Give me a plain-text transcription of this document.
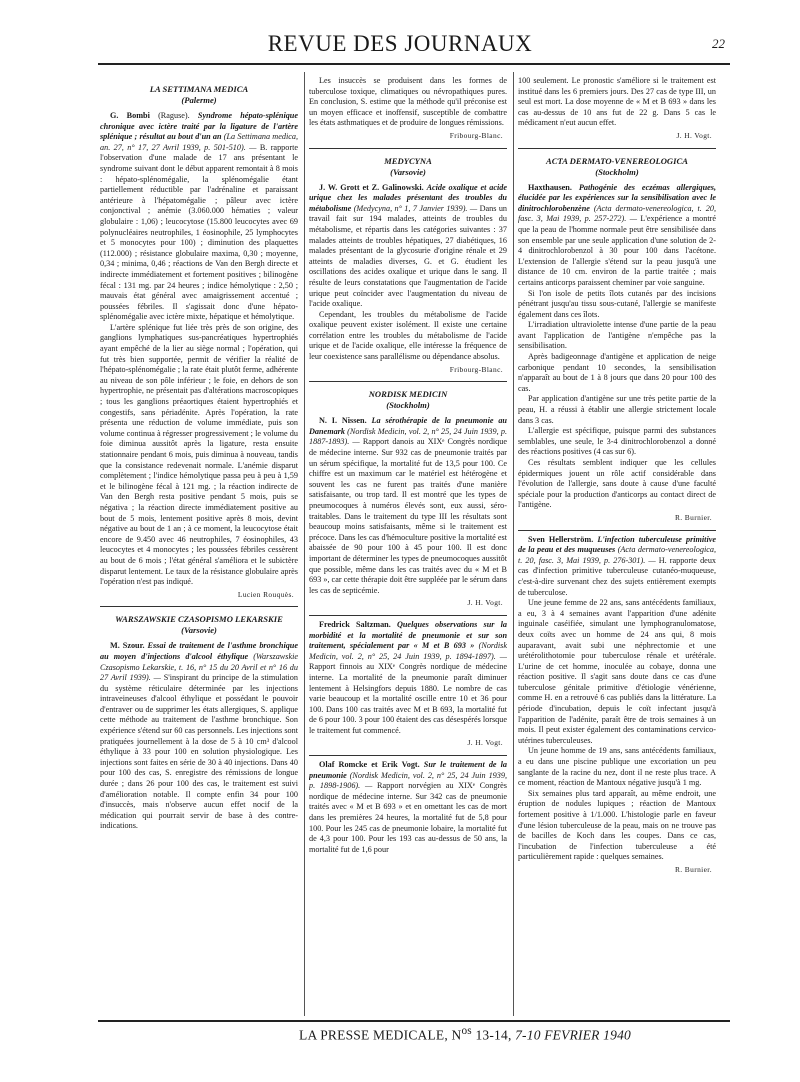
REVUE DES JOURNAUX	22
LA SETTIMANA MEDICA
(Palerme)

G. Bombi (Raguse). Syndrome hépato-splénique chronique avec ictère traité par la ligature de l'artère splénique ; résultat au bout d'un an (La Settimana medica, an. 27, n° 17, 27 Avril 1939, p. 501-510). — B. rapporte l'observation d'une malade de 17 ans présentant le syndrome suivant dont le début apparent remontait à 8 mois : hépato-splénomégalie, la splénomégalie étant partiellement réductible par l'adrénaline et paraissant antérieure à l'hépatomégalie ; pâleur avec ictère conjonctival ; anémie (3.060.000 hématies ; valeur globulaire : 1,06) ; leucocytose (15.800 leucocytes avec 69 polynucléaires neutrophiles, 1 éosinophile, 25 lymphocytes et 5 monocytes pour 100) ; diminution des plaquettes (112.000) ; résistance globulaire maxima, 0,30 ; moyenne, 0,34 ; minima, 0,46 ; réactions de Van den Bergh directe et indirecte immédiatement et fortement positives ; bilinogène fécal : 131 mg. par 24 heures ; indice hémolytique : 2,50 ; mauvais état général avec amaigrissement accentué ; poussées fébriles. Il s'agissait donc d'une hépato-splénomégalie avec ictère mixte, hépatique et hémolytique.

L'artère splénique fut liée très près de son origine, des ganglions lymphatiques sus-pancréatiques hypertrophiés ayant empêché de la lier au siège normal ; l'opération, qui fut très bien supportée, permit de vérifier la réalité de l'hépato-splénomégalie ; la rate était plutôt ferme, adhérente au niveau de son pôle inférieur ; le foie, en dehors de son hypertrophie, ne présentait pas d'altérations macroscopiques ; tous les ganglions préaortiques étaient hypertrophiés et congestifs, sans périadénite. Après l'opération, la rate présenta une réduction de volume immédiate, puis son volume continua à régresser progressivement ; le volume du foie diminua aussitôt après la ligature, resta ensuite stationnaire pendant 6 mois, puis diminua à nouveau, tandis que la consistance redevenait normale. L'anémie disparut complètement ; l'indice hémolytique passa peu à peu à 1,59 et le bilinogène fécal à 121 mg. ; la réaction indirecte de Van den Bergh resta positive pendant 5 mois, puis se négativa ; la réaction directe immédiatement positive au bout de 5 mois, lentement positive après 8 mois, devint négative au bout de 1 an ; à ce moment, la leucocytose était encore de 9.450 avec 46 neutrophiles, 7 éosinophiles, 43 leucocytes et 4 monocytes ; les poussées fébriles cessèrent au bout de 6 mois ; l'état général s'améliora et le subictère disparut lentement. Le taux de la résistance globulaire après l'opération n'est pas indiqué.

Lucien Rouquès.
WARSZAWSKIE CZASOPISMO LEKARSKIE
(Varsovie)

M. Szour. Essai de traitement de l'asthme bronchique au moyen d'injections d'alcool éthylique (Warszawskie Czasopismo Lekarskie, t. 16, n° 15 du 20 Avril et n° 16 du 27 Avril 1939). — S'inspirant du principe de la stimulation du système réticulaire déterminée par les injections intraveineuses d'alcool éthylique et possédant le pouvoir d'entraver ou de supprimer les états allergiques, S. applique cette méthode au traitement de l'asthme bronchique. Son expérience s'étend sur 60 cas personnels. Les injections sont pratiquées journellement à la dose de 5 à 10 cm³ d'alcool éthylique à 33 pour 100 en solution physiologique. Les injections sont faites en série de 30 à 40 injections. Dans 40 pour 100 des cas, S. enregistre des rémissions de longue durée ; dans 26 pour 100 des cas, le traitement est suivi d'amélioration notable. Il compte enfin 34 pour 100 d'insuccès, mais n'observe aucun effet nocif de la médication qui pourrait servir de base à des contre-indications.

Les insuccès se produisent dans les formes de tuberculose toxique, climatiques ou névropathiques pures. En conclusion, S. estime que la méthode qu'il préconise est un moyen efficace et inoffensif, susceptible de combattre les états asthmatiques et de produire de longues rémissions.

Fribourg-Blanc.
MEDYCYNA
(Varsovie)

J. W. Grott et Z. Galinowski. Acide oxalique et acide urique chez les malades présentant des troubles du métabolisme (Medycyna, n° 1, 7 Janvier 1939). — Dans un travail fait sur 194 malades, atteints de troubles du métabolisme, et répartis dans les catégories suivantes : 37 malades atteints de troubles hépatiques, 27 diabétiques, 16 malades présentant de la glycosurie d'origine rénale et 29 atteints de maladies diverses, G. et G. étudient les oscillations des acides oxalique et urique dans le sang. Il résulte de leurs constatations que l'augmentation de l'acide urique peut coïncider avec l'augmentation du niveau de l'acide oxalique.

Cependant, les troubles du métabolisme de l'acide oxalique peuvent exister isolément. Il existe une certaine corrélation entre les troubles du métabolisme de l'acide urique et de l'acide oxalique, elle intéresse la fréquence de leur coexistence sans parallélisme ou dépendance absolus.

Fribourg-Blanc.
NORDISK MEDICIN
(Stockholm)

N. I. Nissen. La sérothérapie de la pneumonie au Danemark (Nordisk Medicin, vol. 2, n° 25, 24 Juin 1939, p. 1887-1893). — Rapport danois au XIXᵉ Congrès nordique de médecine interne. Sur 932 cas de pneumonie traités par un sérum spécifique, la mortalité fut de 13,5 pour 100. Ce chiffre est un maximum car le matériel est hétérogène et souvent les cas ne furent pas traités d'une manière satisfaisante, ou trop tard. Il est montré que les types de pneumocoques à numéros élevés sont, eux aussi, séro-traitables. Dans le traitement du type III les résultats sont beaucoup moins satisfaisants, même si le traitement est précoce. Dans les cas d'hémoculture positive la mortalité est abaissée de 90 pour 100 à 45 pour 100. Il est donc important de déterminer les types de pneumocoques aussitôt que possible, même dans les cas traités avec du « M et B 693 », car cette thérapie doit être suppléée par le sérum dans les cas de septicémie.

J. H. Vogt.

Fredrick Saltzman. Quelques observations sur la morbidité et la mortalité de pneumonie et sur son traitement, spécialement par « M et B 693 » (Nordisk Medicin, vol. 2, n° 25, 24 Juin 1939, p. 1894-1897). — Rapport finnois au XIXᵉ Congrès nordique de médecine interne. La mortalité de la pneumonie paraît diminuer lentement à Helsingfors depuis 1880. Le nombre de cas varie beaucoup et la mortalité oscille entre 10 et 36 pour 100. Dans 100 cas traités avec M et B 693, la mortalité fut de 6 pour 100. 3 pour 100 étaient des cas désespérés lorsque le traitement fut commencé.

J. H. Vogt.

Olaf Romcke et Erik Vogt. Sur le traitement de la pneumonie (Nordisk Medicin, vol. 2, n° 25, 24 Juin 1939, p. 1898-1906). — Rapport norvégien au XIXᵉ Congrès nordique de médecine interne. Sur 342 cas de pneumonie traités avec « M et B 693 » et en omettant les cas de mort dans les premières 24 heures, la mortalité fut de 5,8 pour 100. Pour les 245 cas de pneumonie lobaire, la mortalité fut de 4,3 pour 100. Pour les 193 cas au-dessus de 50 ans, la mortalité fut de 1,6 pour

100 seulement. Le pronostic s'améliore si le traitement est institué dans les 6 premiers jours. Des 27 cas de type III, un seul est mort. La dose moyenne de « M et B 693 » dans les cas au-dessus de 10 ans fut de 22 g. Dans 5 cas le médicament n'eut aucun effet.

J. H. Vogt.
ACTA DERMATO-VENEREOLOGICA
(Stockholm)

Haxthausen. Pathogénie des eczémas allergiques, élucidée par les expériences sur la sensibilisation avec le dinitrochlorobenzène (Acta dermato-venereologica, t. 20, fasc. 3, Mai 1939, p. 257-272). — L'expérience a montré que la peau de l'homme normale peut être sensibilisée dans son ensemble par une seule application d'une solution de 2-4 dinitrochlorobenzol à 30 pour 100 dans l'acétone. L'extension de l'allergie s'étend sur la peau jusqu'à une distance de 10 cm. environ de la partie traitée ; mais certains anticorps paraissent cheminer par voie sanguine.

Si l'on isole de petits îlots cutanés par des incisions pénétrant jusqu'au tissu sous-cutané, l'allergie se manifeste également dans ces îlots.

L'irradiation ultraviolette intense d'une partie de la peau avant l'application de l'antigène n'empêche pas la sensibilisation.

Après badigeonnage d'antigène et application de neige carbonique pendant 10 secondes, la sensibilisation n'apparaît au bout de 1 à 8 jours que dans 20 pour 100 des cas.

Par application d'antigène sur une très petite partie de la peau, H. a réussi à établir une allergie strictement locale dans 3 cas.

L'allergie est spécifique, puisque parmi des substances semblables, une seule, le 3-4 dinitrochlorobenzol a donné des réactions positives (4 cas sur 6).

Ces résultats semblent indiquer que les cellules épidermiques jouent un rôle actif considérable dans l'évolution de l'allergie, sans doute à cause d'une faculté spéciale pour la production d'anticorps au contact direct de l'antigène.

R. Burnier.

Sven Hellerström. L'infection tuberculeuse primitive de la peau et des muqueuses (Acta dermato-venereologica, t. 20, fasc. 3, Mai 1939, p. 276-301). — H. rapporte deux cas d'infection primitive tuberculeuse cutanéo-muqueuse, c'est-à-dire survenant chez des sujets entièrement exempts de tuberculose.

Une jeune femme de 22 ans, sans antécédents familiaux, a eu, 3 à 4 semaines avant l'apparition d'une adénite inguinale caséifiée, simulant une lymphogranulomatose, deux coïts avec un homme de 24 ans qui, 8 mois auparavant, avait subi une néphrectomie et une urétérolithotomie pour tuberculose rénale et urétérale. L'urine de cet homme, inoculée au cobaye, donna une réaction positive. Il s'agit sans doute dans ce cas d'une tuberculose génitale primitive d'étiologie vénérienne, comme H. en a retrouvé 6 cas publiés dans la littérature. La période d'incubation, depuis le coït infectant jusqu'à l'apparition de l'adénite, paraît être de trois semaines à un mois. Il peut exister également des contaminations cervico-utérines tuberculeuses.

Un jeune homme de 19 ans, sans antécédents familiaux, a eu dans une piscine publique une excoriation un peu sanglante de la racine du nez, dont il ne reste plus trace. A ce moment, réaction de Mantoux négative jusqu'à 1 mg.

Six semaines plus tard apparaît, au même endroit, une éruption de nodules lupiques ; réaction de Mantoux fortement positive à 1/1.000. L'histologie parle en faveur d'une lésion tuberculeuse de la peau, mais on ne trouve pas de bacilles de Koch dans les coupes. Dans ce cas, l'incubation de l'infection tuberculeuse a été particulièrement rapide : quelques semaines.

R. Burnier.
LA PRESSE MEDICALE, $N^{os}$ 13-14, 7-10 FEVRIER 1940
